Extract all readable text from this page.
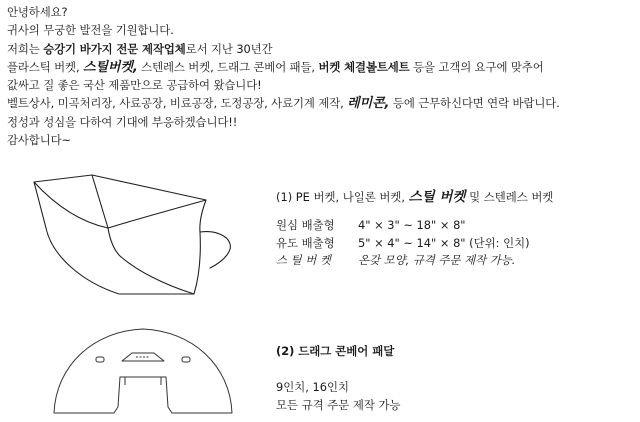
안녕하세요?
귀사의 무궁한 발전을 기원합니다.
저희는 승강기 바가지 전문 제작업체로서 지난 30년간
플라스틱 버켓, 스틸버켓, 스텐레스 버켓, 드래그 콘베어 패들, 버켓 체결볼트세트 등을 고객의 요구에 맞추어
값싸고 질 좋은 국산 제품만으로 공급하여 왔습니다!
벨트상사, 미곡처리장, 사료공장, 비료공장, 도정공장, 사료기계 제작, 레미콘, 등에 근무하신다면 연락 바랍니다.
정성과 성심을 다하여 기대에 부응하겠습니다!!
감사합니다~
(1) PE 버켓, 나일론 버켓, 스틸 버켓 및 스텐레스 버켓
원심 배출형 4" × 3" ~ 18" × 8"
유도 배출형 5" × 4" ~ 14" × 8" (단위: 인치)
스 틸 버 켓 온갖 모양, 규격 주문 제작 가능.
(2) 드래그 콘베어 패달
9인치, 16인치
모든 규격 주문 제작 가능
